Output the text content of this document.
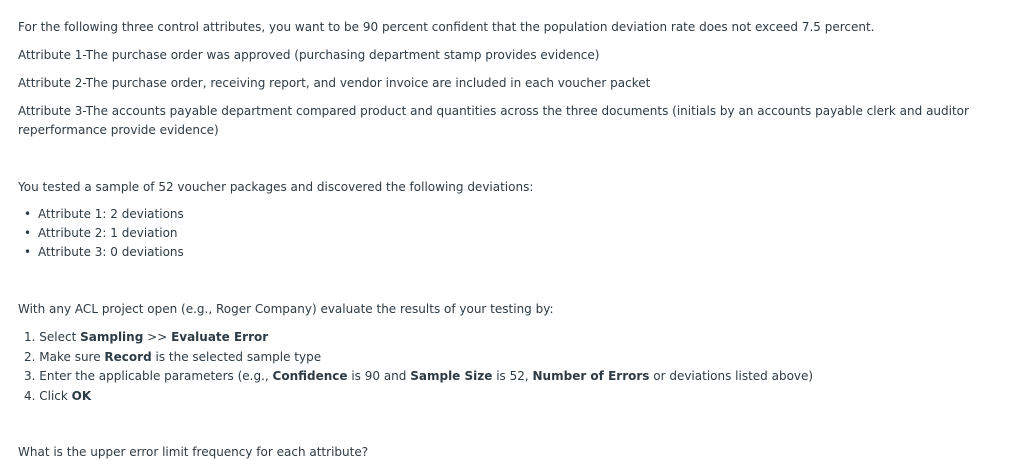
For the following three control attributes, you want to be 90 percent confident that the population deviation rate does not exceed 7.5 percent.

Attribute 1-The purchase order was approved (purchasing department stamp provides evidence)

Attribute 2-The purchase order, receiving report, and vendor invoice are included in each voucher packet

Attribute 3-The accounts payable department compared product and quantities across the three documents (initials by an accounts payable clerk and auditor reperformance provide evidence)

You tested a sample of 52 voucher packages and discovered the following deviations:

• Attribute 1: 2 deviations
• Attribute 2: 1 deviation
• Attribute 3: 0 deviations

With any ACL project open (e.g., Roger Company) evaluate the results of your testing by:

1. Select Sampling >> Evaluate Error
2. Make sure Record is the selected sample type
3. Enter the applicable parameters (e.g., Confidence is 90 and Sample Size is 52, Number of Errors or deviations listed above)
4. Click OK

What is the upper error limit frequency for each attribute?
